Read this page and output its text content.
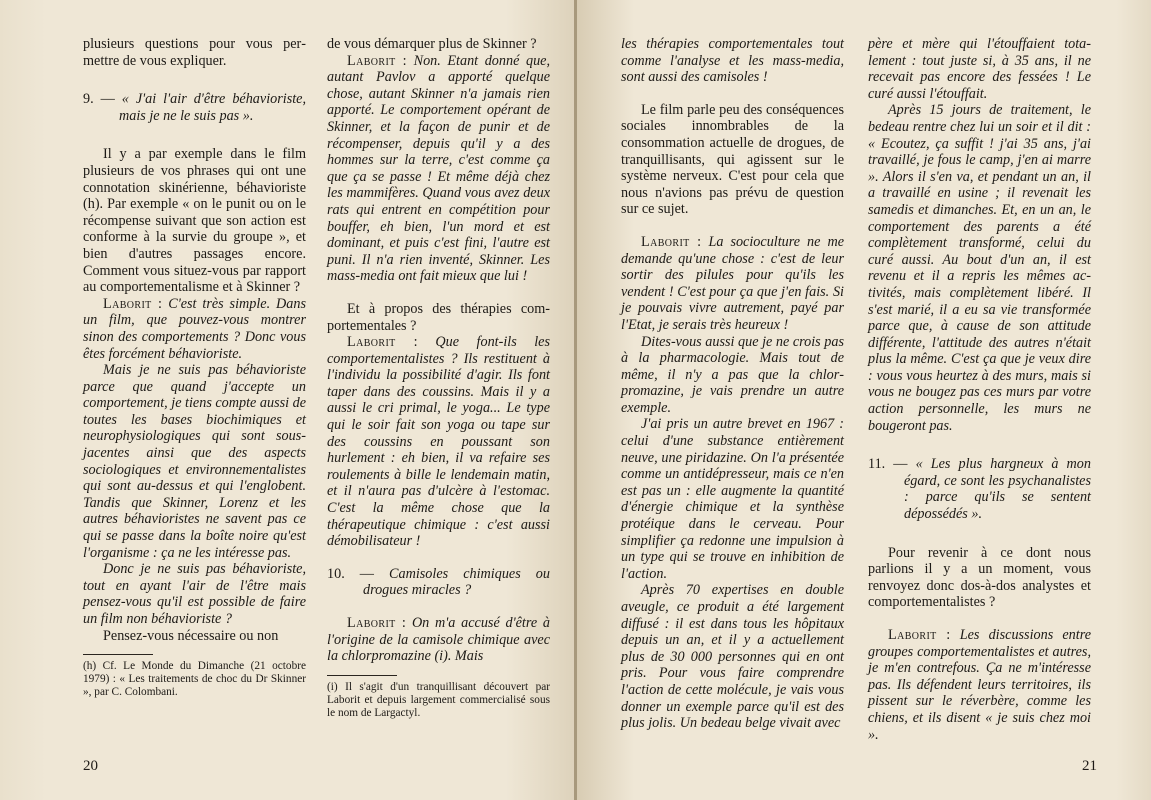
plusieurs questions pour vous permettre de vous expliquer.

9. — « J'ai l'air d'être béhavioriste, mais je ne le suis pas ».

Il y a par exemple dans le film plusieurs de vos phrases qui ont une connotation skinérienne, béhavioriste (h). Par exemple « on le punit ou on le récompense suivant que son action est conforme à la survie du groupe », et bien d'autres passages encore. Comment vous situez-vous par rapport au comportementalisme et à Skinner ?

Laborit : C'est très simple. Dans un film, que pouvez-vous montrer sinon des comportements ? Donc vous êtes forcément béhavioriste.

Mais je ne suis pas béhavioriste parce que quand j'accepte un comportement, je tiens compte aussi de toutes les bases biochimiques et neurophysiologiques qui sont sous-jacentes ainsi que des aspects sociologiques et environnementalistes qui sont au-dessus et qui l'englobent. Tandis que Skinner, Lorenz et les autres béhavioristes ne savent pas ce qui se passe dans la boîte noire qu'est l'organisme : ça ne les intéresse pas.

Donc je ne suis pas béhavioriste, tout en ayant l'air de l'être mais pensez-vous qu'il est possible de faire un film non béhavioriste ?

Pensez-vous nécessaire ou non

(h) Cf. Le Monde du Dimanche (21 octobre 1979) : « Les traitements de choc du Dr Skinner », par C. Colombani.

de vous démarquer plus de Skinner ?

Laborit : Non. Etant donné que, autant Pavlov a apporté quelque chose, autant Skinner n'a jamais rien apporté. Le comportement opérant de Skinner, et la façon de punir et de récompenser, depuis qu'il y a des hommes sur la terre, c'est comme ça que ça se passe ! Et même déjà chez les mammifères. Quand vous avez deux rats qui entrent en compétition pour bouffer, eh bien, l'un mord et est dominant, et puis c'est fini, l'autre est puni. Il n'a rien inventé, Skinner. Les mass-media ont fait mieux que lui !

Et à propos des thérapies comportementales ?

Laborit : Que font-ils les comportementalistes ? Ils restituent à l'individu la possibilité d'agir. Ils font taper dans des coussins. Mais il y a aussi le cri primal, le yoga... Le type qui le soir fait son yoga ou tape sur des coussins en poussant son hurlement : eh bien, il va refaire ses roulements à bille le lendemain matin, et il n'aura pas d'ulcère à l'estomac. C'est la même chose que la thérapeutique chimique : c'est aussi démobilisateur !

10. — Camisoles chimiques ou drogues miracles ?

Laborit : On m'a accusé d'être à l'origine de la camisole chimique avec la chlorpromazine (i). Mais

(i) Il s'agit d'un tranquillisant découvert par Laborit et depuis largement commercialisé sous le nom de Largactyl.

20

les thérapies comportementales tout comme l'analyse et les mass-media, sont aussi des camisoles !

Le film parle peu des conséquences sociales innombrables de la consommation actuelle de drogues, de tranquillisants, qui agissent sur le système nerveux. C'est pour cela que nous n'avions pas prévu de question sur ce sujet.

Laborit : La socioculture ne me demande qu'une chose : c'est de leur sortir des pilules pour qu'ils les vendent ! C'est pour ça que j'en fais. Si je pouvais vivre autrement, payé par l'Etat, je serais très heureux !

Dites-vous aussi que je ne crois pas à la pharmacologie. Mais tout de même, il n'y a pas que la chlorpromazine, je vais prendre un autre exemple.

J'ai pris un autre brevet en 1967 : celui d'une substance entièrement neuve, une piridazine. On l'a présentée comme un antidépresseur, mais ce n'en est pas un : elle augmente la quantité d'énergie chimique et la synthèse protéique dans le cerveau. Pour simplifier ça redonne une impulsion à un type qui se trouve en inhibition de l'action.

Après 70 expertises en double aveugle, ce produit a été largement diffusé : il est dans tous les hôpitaux depuis un an, et il y a actuellement plus de 30 000 personnes qui en ont pris. Pour vous faire comprendre l'action de cette molécule, je vais vous donner un exemple parce qu'il est des plus jolis. Un bedeau belge vivait avec

père et mère qui l'étouffaient totalement : tout juste si, à 35 ans, il ne recevait pas encore des fessées ! Le curé aussi l'étouffait.

Après 15 jours de traitement, le bedeau rentre chez lui un soir et il dit : « Ecoutez, ça suffit ! j'ai 35 ans, j'ai travaillé, je fous le camp, j'en ai marre ». Alors il s'en va, et pendant un an, il a travaillé en usine ; il revenait les samedis et dimanches. Et, en un an, le comportement des parents a été complètement transformé, celui du curé aussi. Au bout d'un an, il est revenu et il a repris les mêmes activités, mais complètement libéré. Il s'est marié, il a eu sa vie transformée parce que, à cause de son attitude différente, l'attitude des autres n'était plus la même. C'est ça que je veux dire : vous vous heurtez à des murs, mais si vous ne bougez pas ces murs par votre action personnelle, les murs ne bougeront pas.

11. — « Les plus hargneux à mon égard, ce sont les psychanalistes : parce qu'ils se sentent dépossédés ».

Pour revenir à ce dont nous parlions il y a un moment, vous renvoyez donc dos-à-dos analystes et comportementalistes ?

Laborit : Les discussions entre groupes comportementalistes et autres, je m'en contrefous. Ça ne m'intéresse pas. Ils défendent leurs territoires, ils pissent sur le réverbère, comme les chiens, et ils disent « je suis chez moi ».

21
